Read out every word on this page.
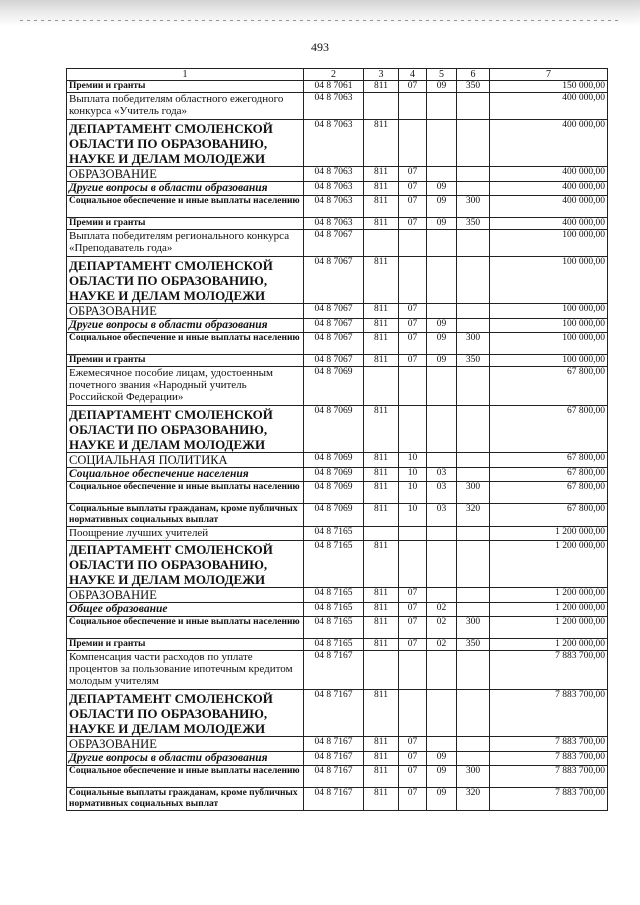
493
1	2	3	4	5	6	7
Премии и гранты	04 8 7061	811	07	09	350	150 000,00
Выплата победителям областного ежегодного конкурса «Учитель года»	04 8 7063					400 000,00
ДЕПАРТАМЕНТ СМОЛЕНСКОЙ ОБЛАСТИ ПО ОБРАЗОВАНИЮ, НАУКЕ И ДЕЛАМ МОЛОДЕЖИ	04 8 7063	811				400 000,00
ОБРАЗОВАНИЕ	04 8 7063	811	07			400 000,00
Другие вопросы в области образования	04 8 7063	811	07	09		400 000,00
Социальное обеспечение и иные выплаты населению	04 8 7063	811	07	09	300	400 000,00
Премии и гранты	04 8 7063	811	07	09	350	400 000,00
Выплата победителям регионального конкурса «Преподаватель года»	04 8 7067					100 000,00
ДЕПАРТАМЕНТ СМОЛЕНСКОЙ ОБЛАСТИ ПО ОБРАЗОВАНИЮ, НАУКЕ И ДЕЛАМ МОЛОДЕЖИ	04 8 7067	811				100 000,00
ОБРАЗОВАНИЕ	04 8 7067	811	07			100 000,00
Другие вопросы в области образования	04 8 7067	811	07	09		100 000,00
Социальное обеспечение и иные выплаты населению	04 8 7067	811	07	09	300	100 000,00
Премии и гранты	04 8 7067	811	07	09	350	100 000,00
Ежемесячное пособие лицам, удостоенным почетного звания «Народный учитель Российской Федерации»	04 8 7069					67 800,00
ДЕПАРТАМЕНТ СМОЛЕНСКОЙ ОБЛАСТИ ПО ОБРАЗОВАНИЮ, НАУКЕ И ДЕЛАМ МОЛОДЕЖИ	04 8 7069	811				67 800,00
СОЦИАЛЬНАЯ ПОЛИТИКА	04 8 7069	811	10			67 800,00
Социальное обеспечение населения	04 8 7069	811	10	03		67 800,00
Социальное обеспечение и иные выплаты населению	04 8 7069	811	10	03	300	67 800,00
Социальные выплаты гражданам, кроме публичных нормативных социальных выплат	04 8 7069	811	10	03	320	67 800,00
Поощрение лучших учителей	04 8 7165					1 200 000,00
ДЕПАРТАМЕНТ СМОЛЕНСКОЙ ОБЛАСТИ ПО ОБРАЗОВАНИЮ, НАУКЕ И ДЕЛАМ МОЛОДЕЖИ	04 8 7165	811				1 200 000,00
ОБРАЗОВАНИЕ	04 8 7165	811	07			1 200 000,00
Общее образование	04 8 7165	811	07	02		1 200 000,00
Социальное обеспечение и иные выплаты населению	04 8 7165	811	07	02	300	1 200 000,00
Премии и гранты	04 8 7165	811	07	02	350	1 200 000,00
Компенсация части расходов по уплате процентов за пользование ипотечным кредитом молодым учителям	04 8 7167					7 883 700,00
ДЕПАРТАМЕНТ СМОЛЕНСКОЙ ОБЛАСТИ ПО ОБРАЗОВАНИЮ, НАУКЕ И ДЕЛАМ МОЛОДЕЖИ	04 8 7167	811				7 883 700,00
ОБРАЗОВАНИЕ	04 8 7167	811	07			7 883 700,00
Другие вопросы в области образования	04 8 7167	811	07	09		7 883 700,00
Социальное обеспечение и иные выплаты населению	04 8 7167	811	07	09	300	7 883 700,00
Социальные выплаты гражданам, кроме публичных нормативных социальных выплат	04 8 7167	811	07	09	320	7 883 700,00
